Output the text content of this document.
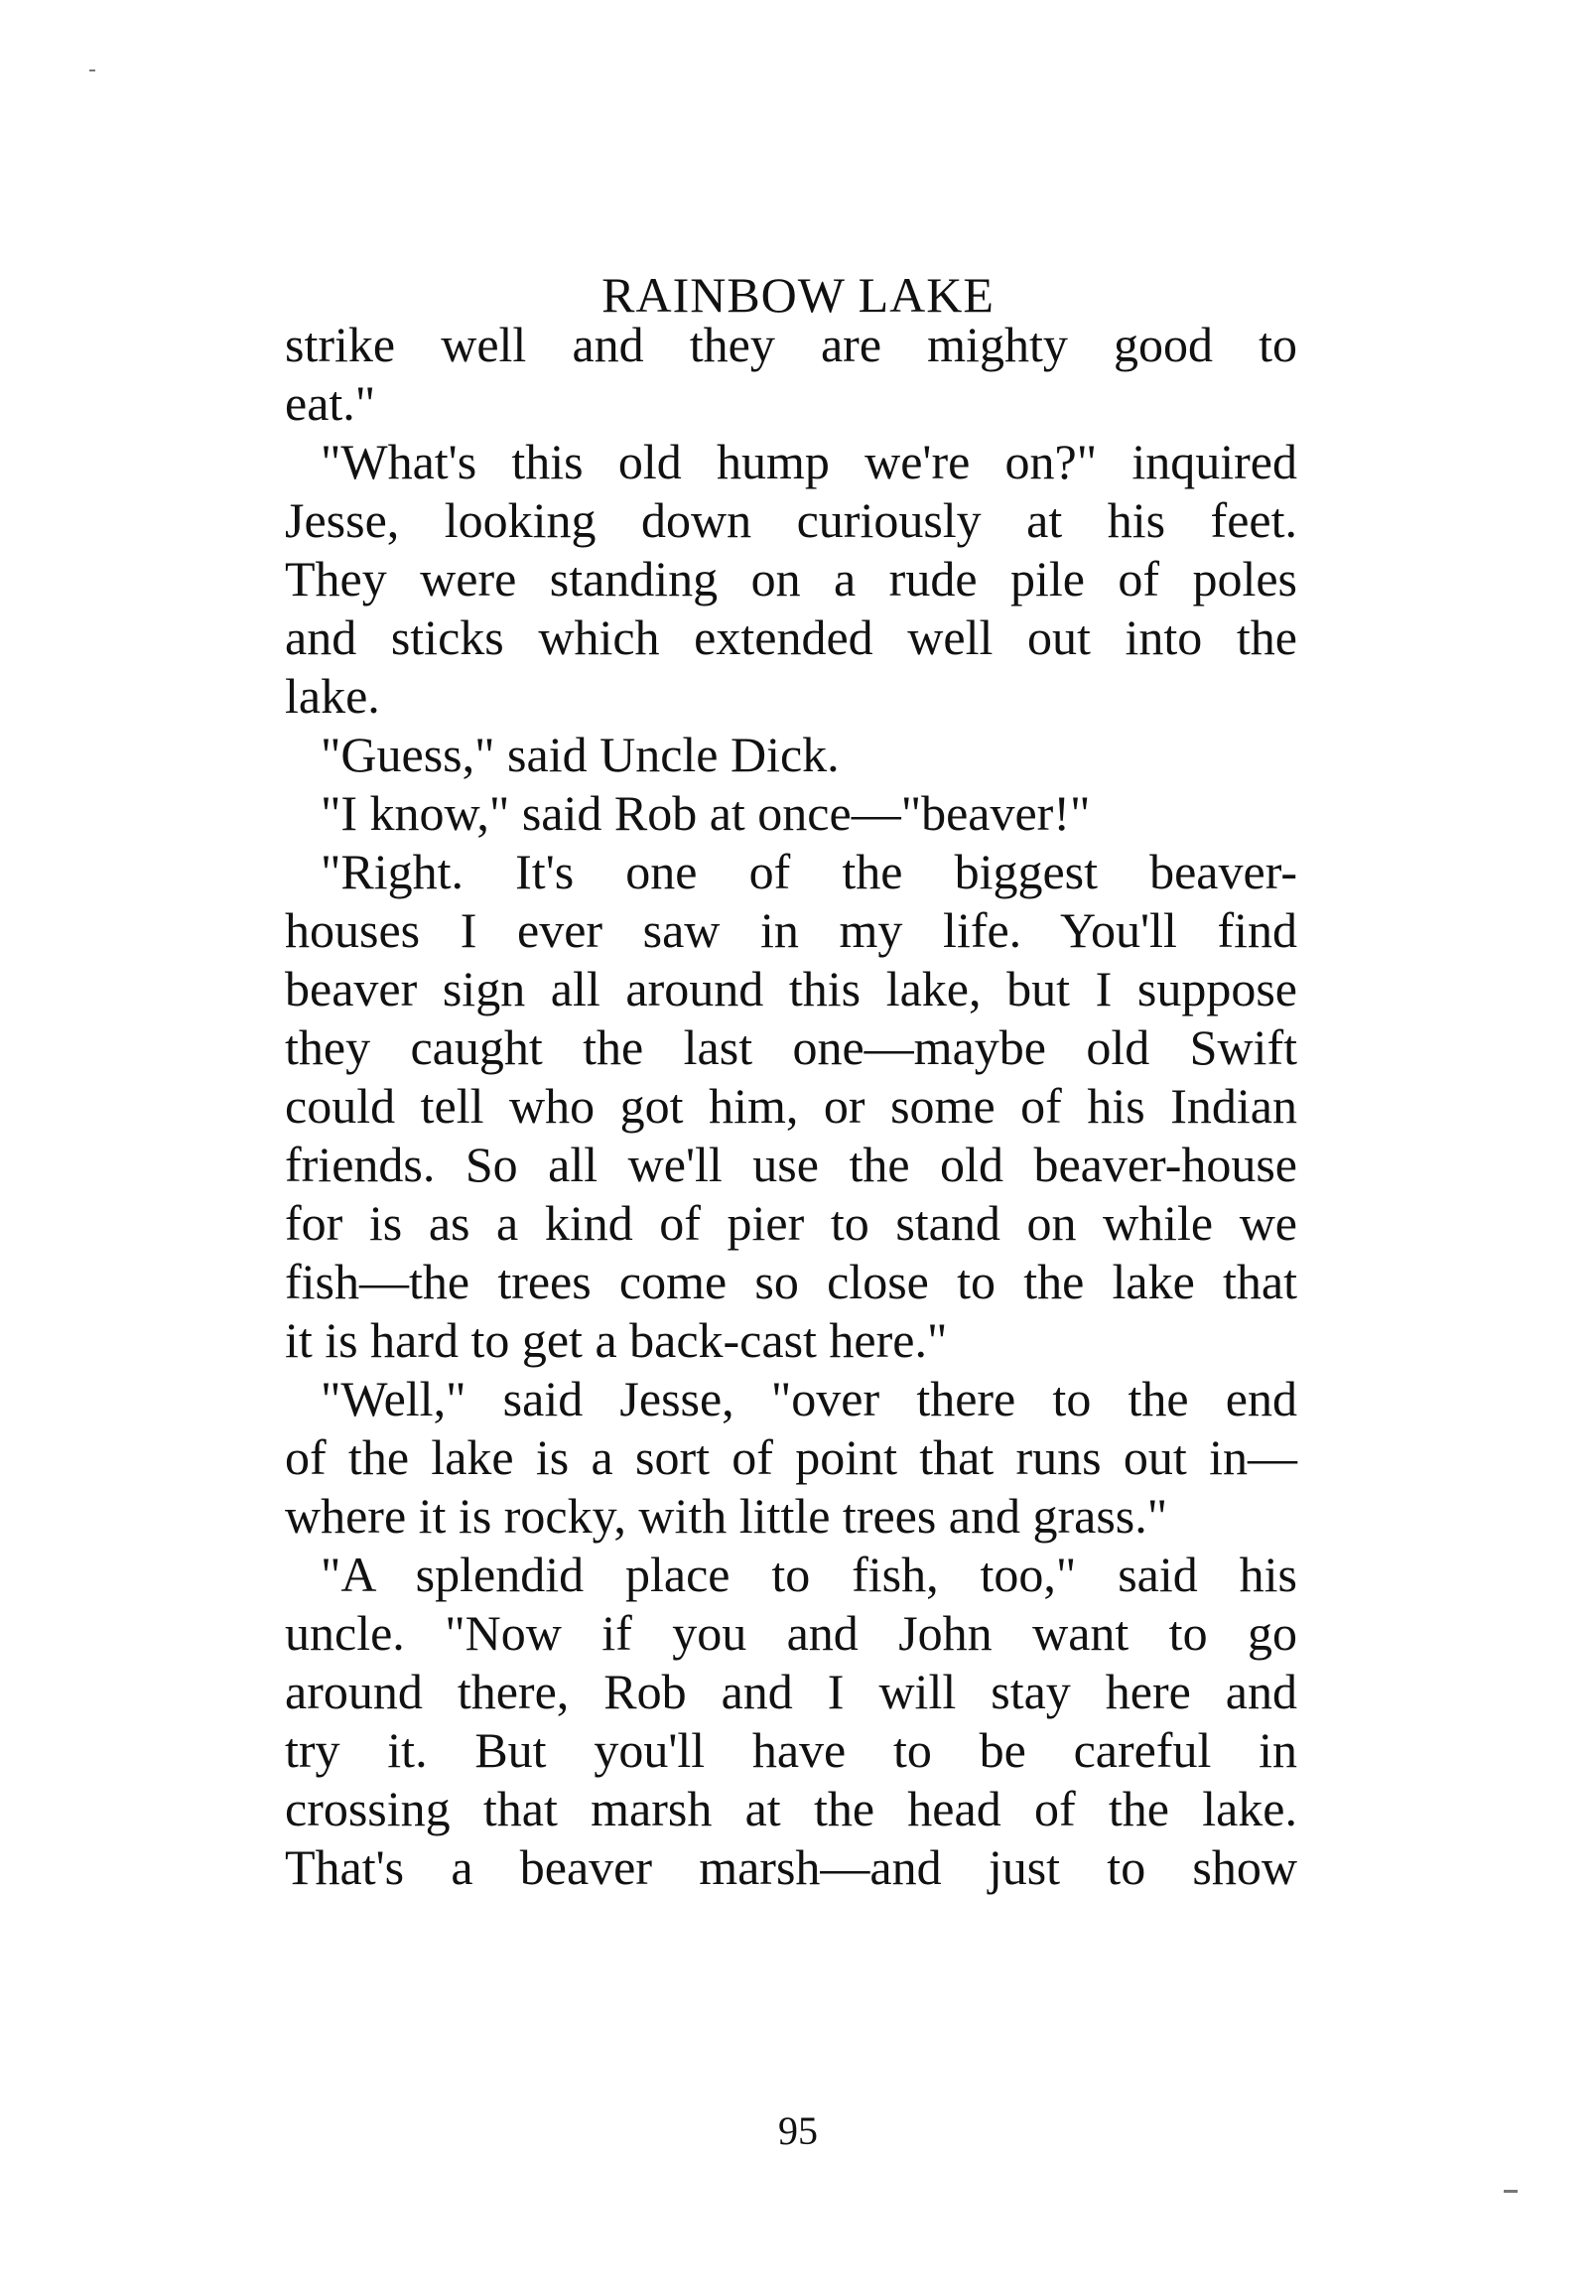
RAINBOW LAKE

strike well and they are mighty good to
eat."

"What's this old hump we're on?" inquired
Jesse, looking down curiously at his feet.
They were standing on a rude pile of poles
and sticks which extended well out into the
lake.

"Guess," said Uncle Dick.

"I know," said Rob at once—"beaver!"

"Right. It's one of the biggest beaver-
houses I ever saw in my life. You'll find
beaver sign all around this lake, but I suppose
they caught the last one—maybe old Swift
could tell who got him, or some of his Indian
friends. So all we'll use the old beaver-house
for is as a kind of pier to stand on while we
fish—the trees come so close to the lake that
it is hard to get a back-cast here."

"Well," said Jesse, "over there to the end
of the lake is a sort of point that runs out in—
where it is rocky, with little trees and grass."

"A splendid place to fish, too," said his
uncle. "Now if you and John want to go
around there, Rob and I will stay here and
try it. But you'll have to be careful in
crossing that marsh at the head of the lake.
That's a beaver marsh—and just to show

95
